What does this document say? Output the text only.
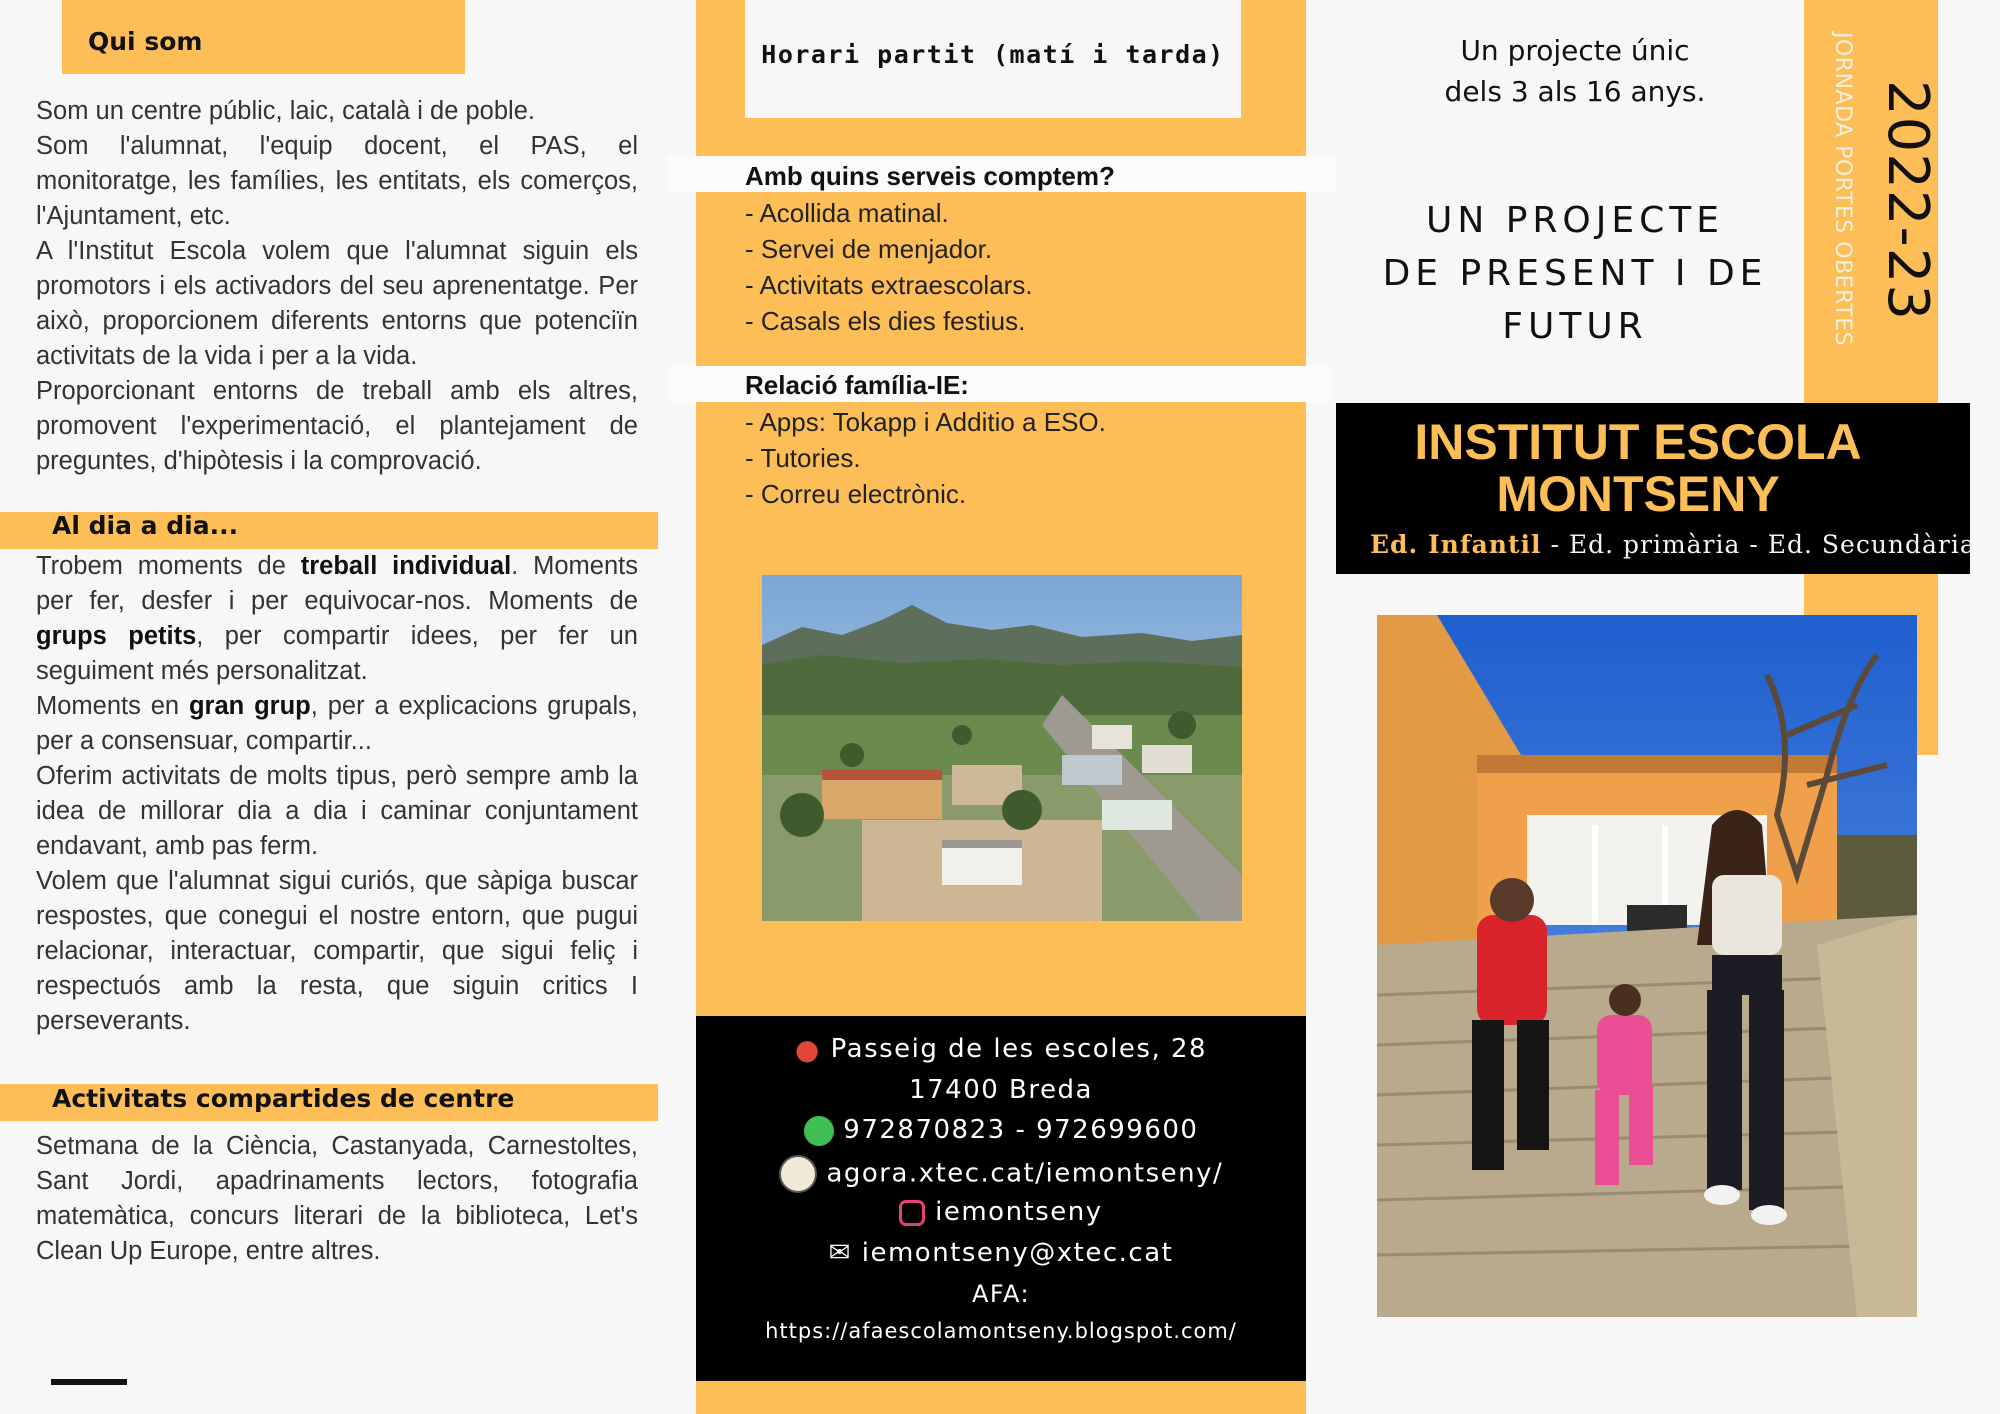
Qui som

Som un centre públic, laic, català i de poble.

Som l'alumnat, l'equip docent, el PAS, el monitoratge, les famílies, les entitats, els comerços, l'Ajuntament, etc.

A l'Institut Escola volem que l'alumnat siguin els promotors i els activadors del seu aprenentatge. Per això, proporcionem diferents entorns que potenciïn activitats de la vida i per a la vida.

Proporcionant entorns de treball amb els altres, promovent l'experimentació, el plantejament de preguntes, d'hipòtesis i la comprovació.

Al dia a dia...

Trobem moments de treball individual. Moments per fer, desfer i per equivocar-nos. Moments de grups petits, per compartir idees, per fer un seguiment més personalitzat.

Moments en gran grup, per a explicacions grupals, per a consensuar, compartir...

Oferim activitats de molts tipus, però sempre amb la idea de millorar dia a dia i caminar conjuntament endavant, amb pas ferm.

Volem que l'alumnat sigui curiós, que sàpiga buscar respostes, que conegui el nostre entorn, que pugui relacionar, interactuar, compartir, que sigui feliç i respectuós amb la resta, que siguin critics I perseverants.

Activitats compartides de centre

Setmana de la Ciència, Castanyada, Carnestoltes, Sant Jordi, apadrinaments lectors, fotografia matemàtica, concurs literari de la biblioteca, Let's Clean Up Europe, entre altres.

Horari partit (matí i tarda)
Amb quins serveis comptem?
- Acollida matinal.
- Servei de menjador.
- Activitats extraescolars.
- Casals els dies festius.
Relació família-IE:
- Apps: Tokapp i Additio a ESO.
- Tutories.
- Correu electrònic.
● Passeig de les escoles, 28
17400 Breda
972870823 - 972699600
agora.xtec.cat/iemontseny/
iemontseny
✉ iemontseny@xtec.cat
AFA:
https://afaescolamontseny.blogspot.com/
2022-23
JORNADA PORTES OBERTES
Un projecte únic
dels 3 als 16 anys.
UN PROJECTE
DE PRESENT I DE
FUTUR
INSTITUT ESCOLA
MONTSENY
Ed. Infantil - Ed. primària - Ed. Secundària
